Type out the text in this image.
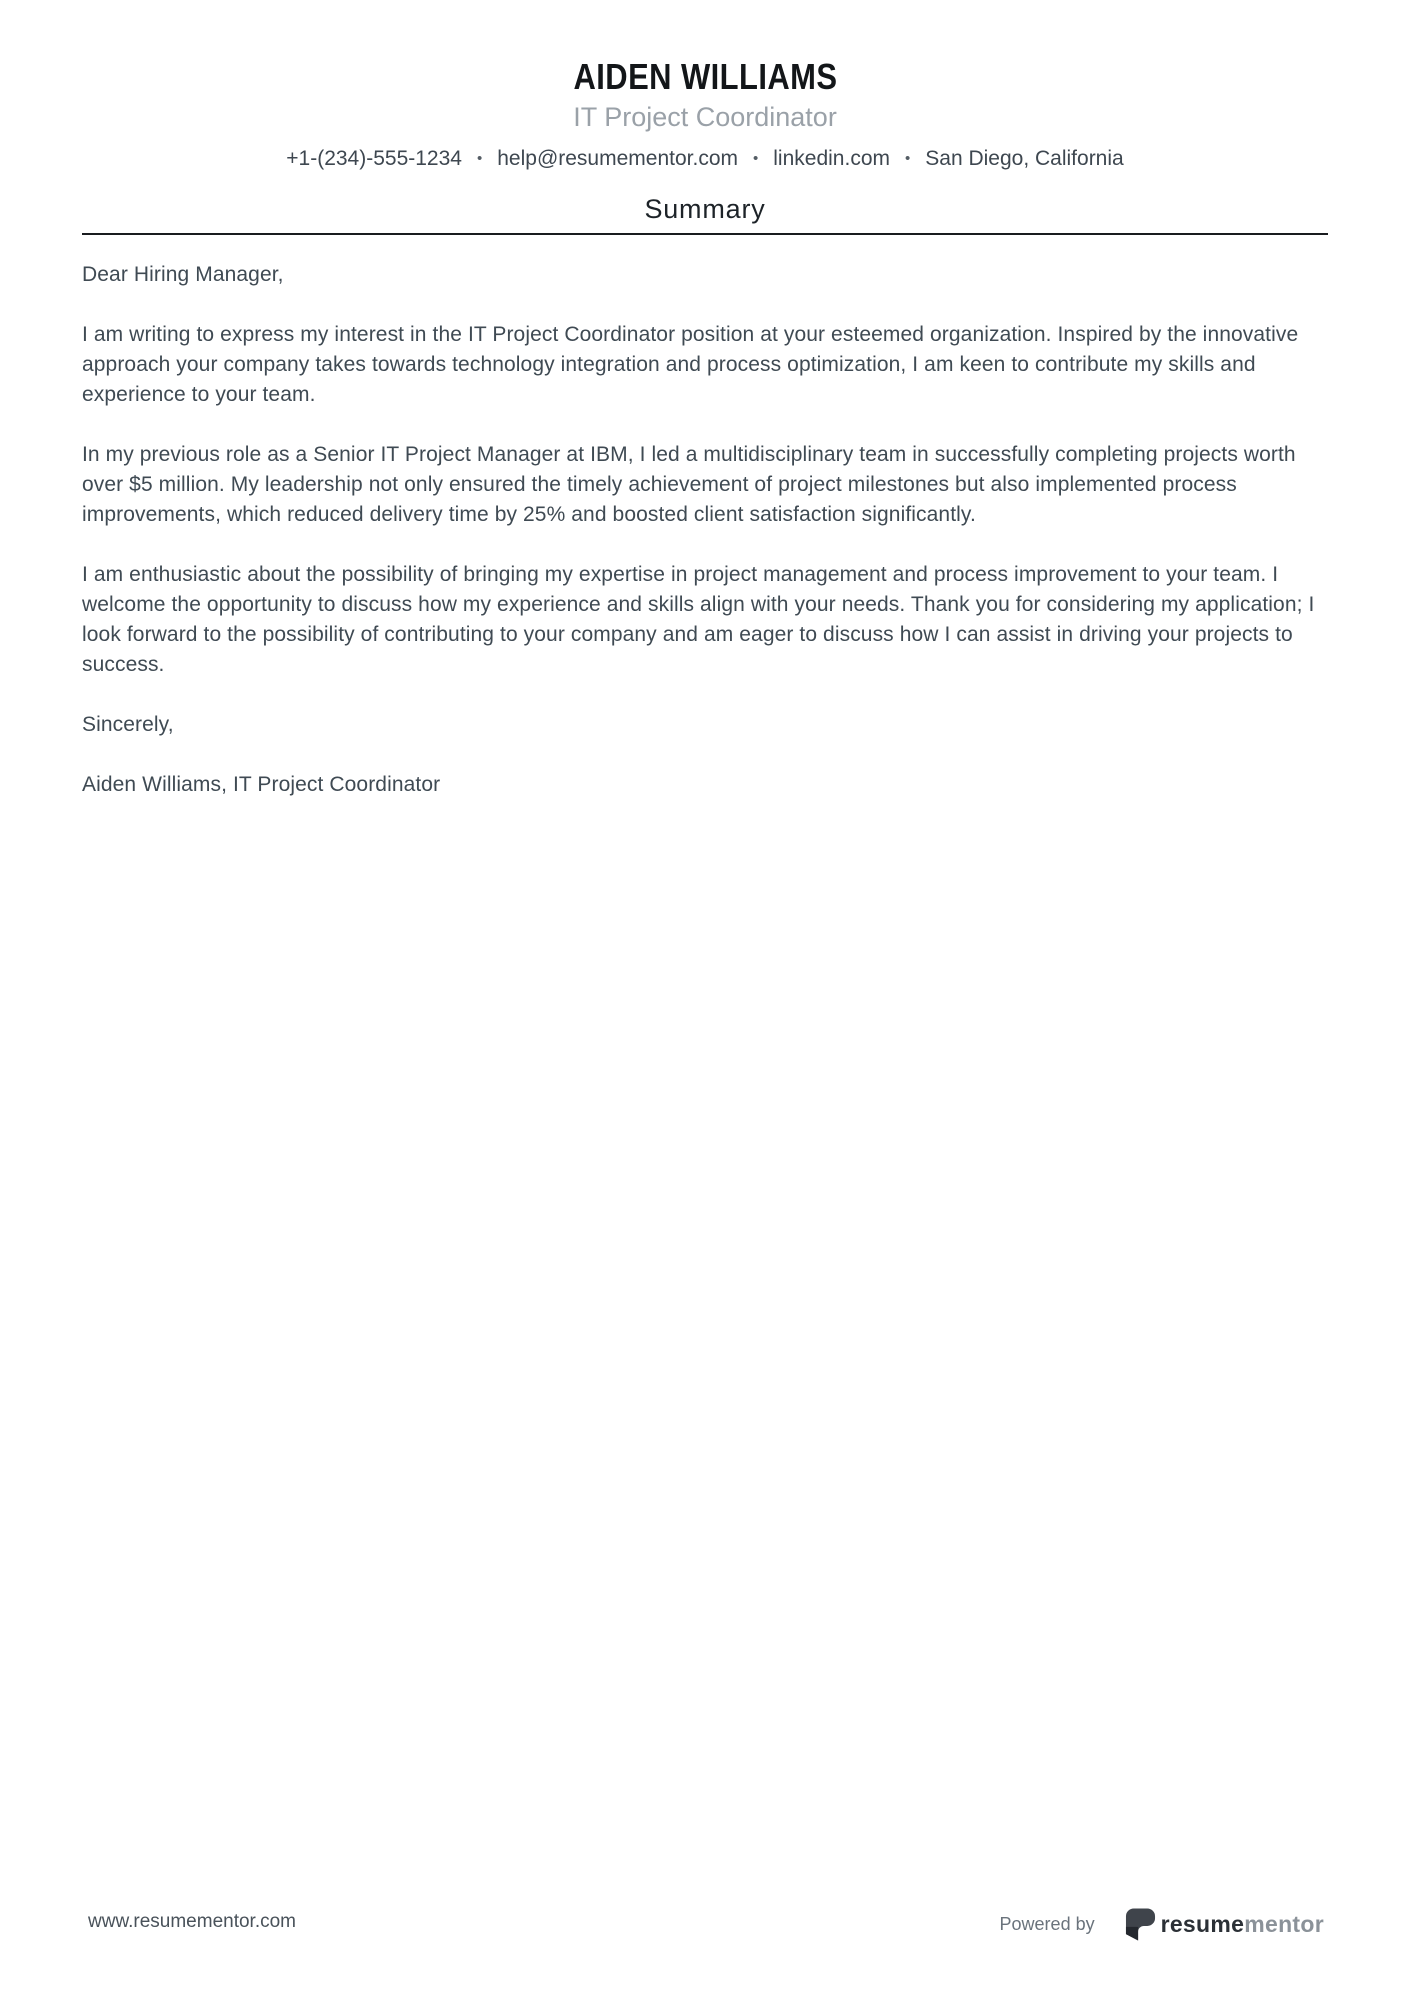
AIDEN WILLIAMS
IT Project Coordinator
+1-(234)-555-1234 • help@resumementor.com • linkedin.com • San Diego, California
Summary

Dear Hiring Manager,

I am writing to express my interest in the IT Project Coordinator position at your esteemed organization. Inspired by the innovative approach your company takes towards technology integration and process optimization, I am keen to contribute my skills and experience to your team.

In my previous role as a Senior IT Project Manager at IBM, I led a multidisciplinary team in successfully completing projects worth over $5 million. My leadership not only ensured the timely achievement of project milestones but also implemented process improvements, which reduced delivery time by 25% and boosted client satisfaction significantly.

I am enthusiastic about the possibility of bringing my expertise in project management and process improvement to your team. I welcome the opportunity to discuss how my experience and skills align with your needs. Thank you for considering my application; I look forward to the possibility of contributing to your company and am eager to discuss how I can assist in driving your projects to success.

Sincerely,

Aiden Williams, IT Project Coordinator

www.resumementor.com	Powered by	resumementor
